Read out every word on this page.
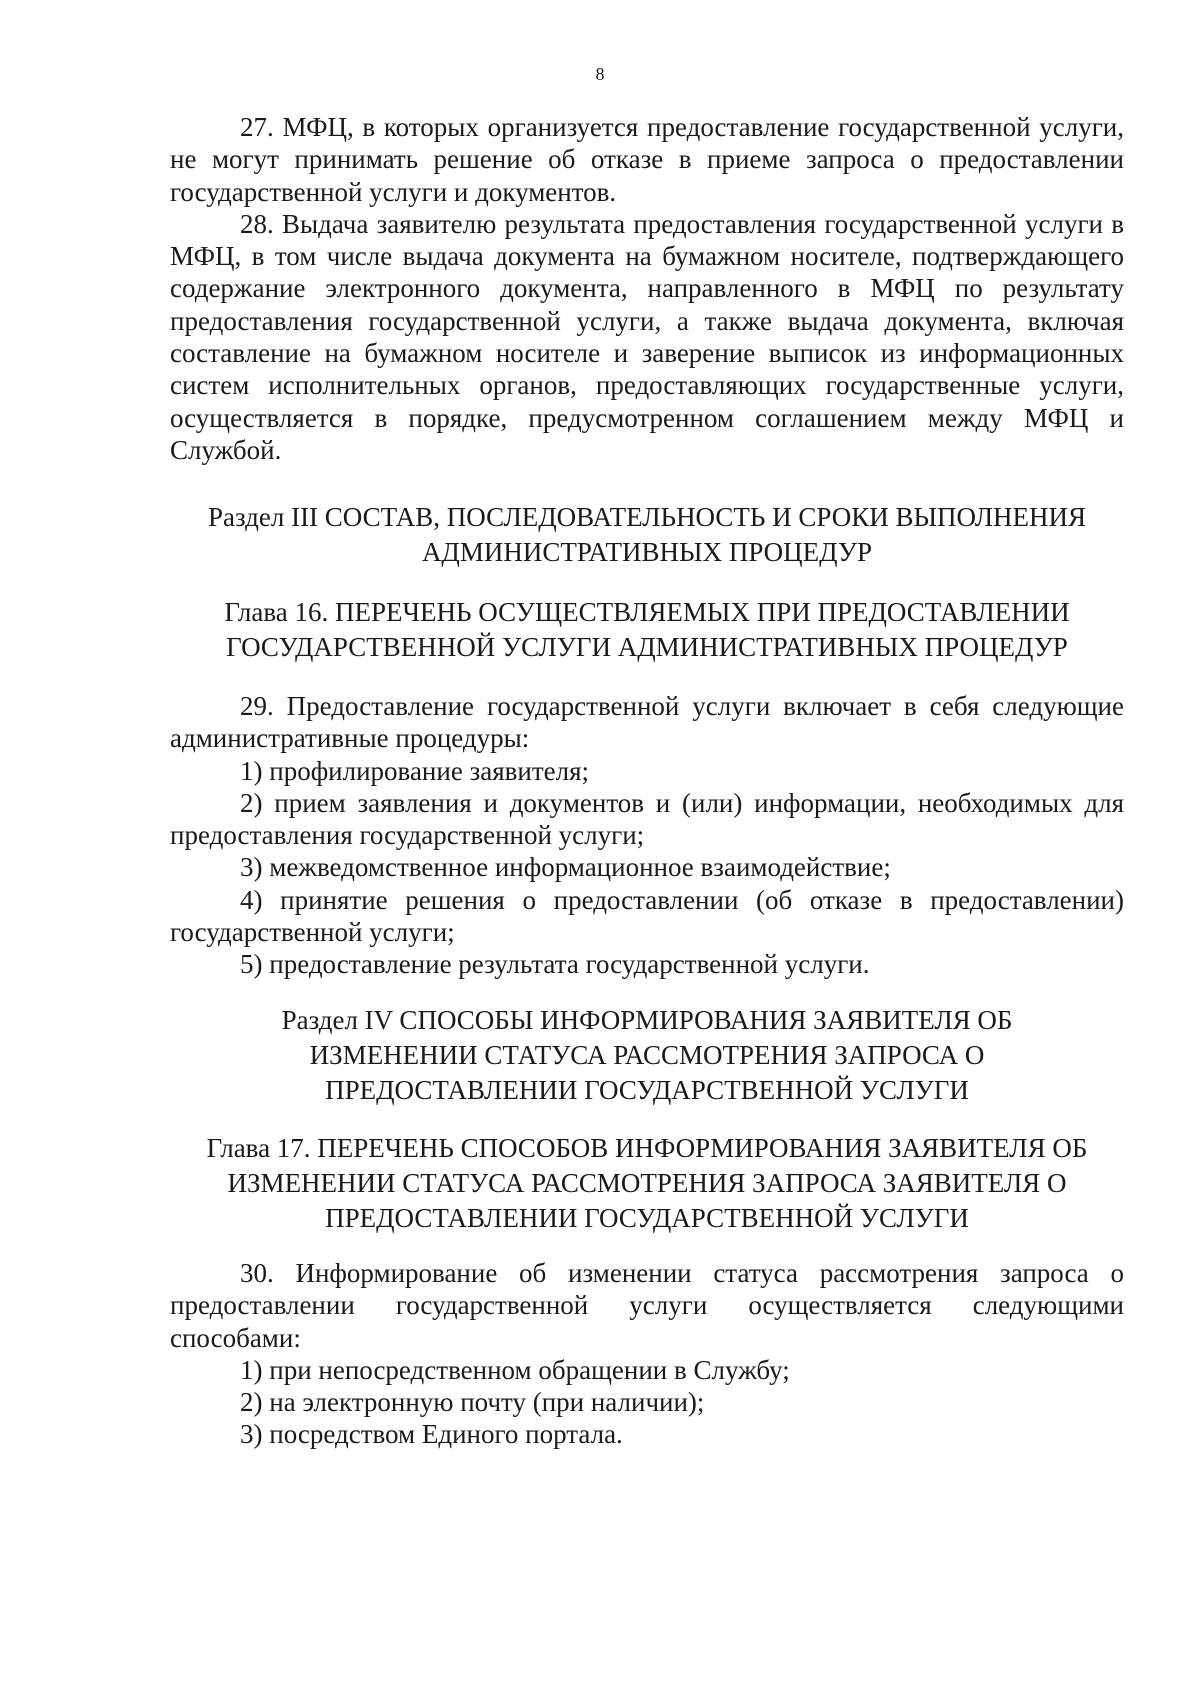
8

27. МФЦ, в которых организуется предоставление государственной услуги, не могут принимать решение об отказе в приеме запроса о предоставлении государственной услуги и документов.

28. Выдача заявителю результата предоставления государственной услуги в МФЦ, в том числе выдача документа на бумажном носителе, подтверждающего содержание электронного документа, направленного в МФЦ по результату предоставления государственной услуги, а также выдача документа, включая составление на бумажном носителе и заверение выписок из информационных систем исполнительных органов, предоставляющих государственные услуги, осуществляется в порядке, предусмотренном соглашением между МФЦ и Службой.

Раздел III СОСТАВ, ПОСЛЕДОВАТЕЛЬНОСТЬ И СРОКИ ВЫПОЛНЕНИЯ
АДМИНИСТРАТИВНЫХ ПРОЦЕДУР
Глава 16. ПЕРЕЧЕНЬ ОСУЩЕСТВЛЯЕМЫХ ПРИ ПРЕДОСТАВЛЕНИИ
ГОСУДАРСТВЕННОЙ УСЛУГИ АДМИНИСТРАТИВНЫХ ПРОЦЕДУР

29. Предоставление государственной услуги включает в себя следующие административные процедуры:

1) профилирование заявителя;

2) прием заявления и документов и (или) информации, необходимых для предоставления государственной услуги;

3) межведомственное информационное взаимодействие;

4) принятие решения о предоставлении (об отказе в предоставлении) государственной услуги;

5) предоставление результата государственной услуги.

Раздел IV СПОСОБЫ ИНФОРМИРОВАНИЯ ЗАЯВИТЕЛЯ ОБ
ИЗМЕНЕНИИ СТАТУСА РАССМОТРЕНИЯ ЗАПРОСА О
ПРЕДОСТАВЛЕНИИ ГОСУДАРСТВЕННОЙ УСЛУГИ
Глава 17. ПЕРЕЧЕНЬ СПОСОБОВ ИНФОРМИРОВАНИЯ ЗАЯВИТЕЛЯ ОБ
ИЗМЕНЕНИИ СТАТУСА РАССМОТРЕНИЯ ЗАПРОСА ЗАЯВИТЕЛЯ О
ПРЕДОСТАВЛЕНИИ ГОСУДАРСТВЕННОЙ УСЛУГИ

30. Информирование об изменении статуса рассмотрения запроса о предоставлении государственной услуги осуществляется следующими способами:

1) при непосредственном обращении в Службу;

2) на электронную почту (при наличии);

3) посредством Единого портала.
